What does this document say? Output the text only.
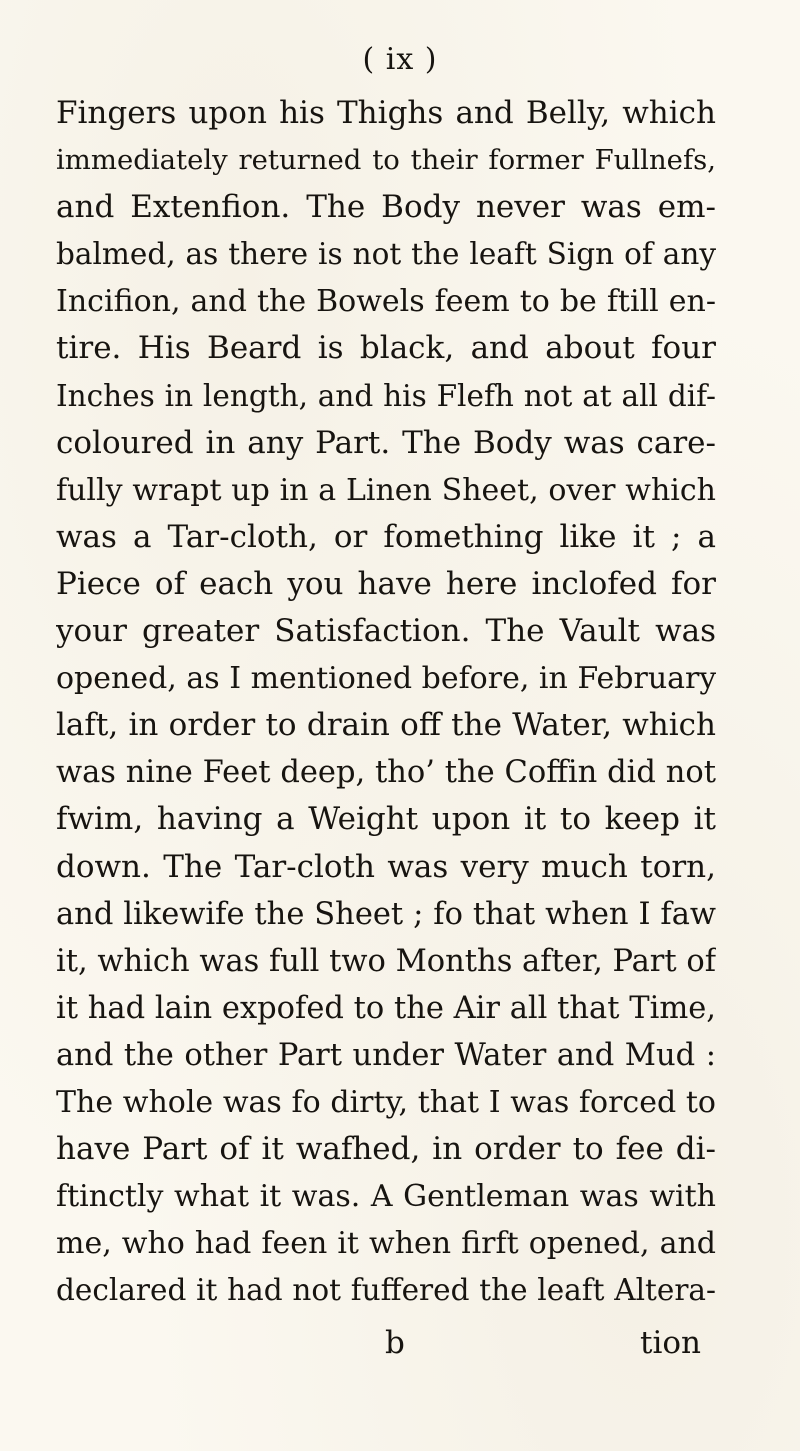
( ix )
Fingers upon his Thighs and Belly, which
immediately returned to their former Fullnefs,
and Extenfion. The Body never was em-
balmed, as there is not the leaft Sign of any
Incifion, and the Bowels feem to be ftill en-
tire. His Beard is black, and about four
Inches in length, and his Flefh not at all dif-
coloured in any Part. The Body was care-
fully wrapt up in a Linen Sheet, over which
was a Tar-cloth, or fomething like it ; a
Piece of each you have here inclofed for
your greater Satisfaction. The Vault was
opened, as I mentioned before, in February
laft, in order to drain off the Water, which
was nine Feet deep, tho’ the Coffin did not
fwim, having a Weight upon it to keep it
down. The Tar-cloth was very much torn,
and likewife the Sheet ; fo that when I faw
it, which was full two Months after, Part of
it had lain expofed to the Air all that Time,
and the other Part under Water and Mud :
The whole was fo dirty, that I was forced to
have Part of it wafhed, in order to fee di-
ftinctly what it was. A Gentleman was with
me, who had feen it when firft opened, and
declared it had not fuffered the leaft Altera-
b	tion
